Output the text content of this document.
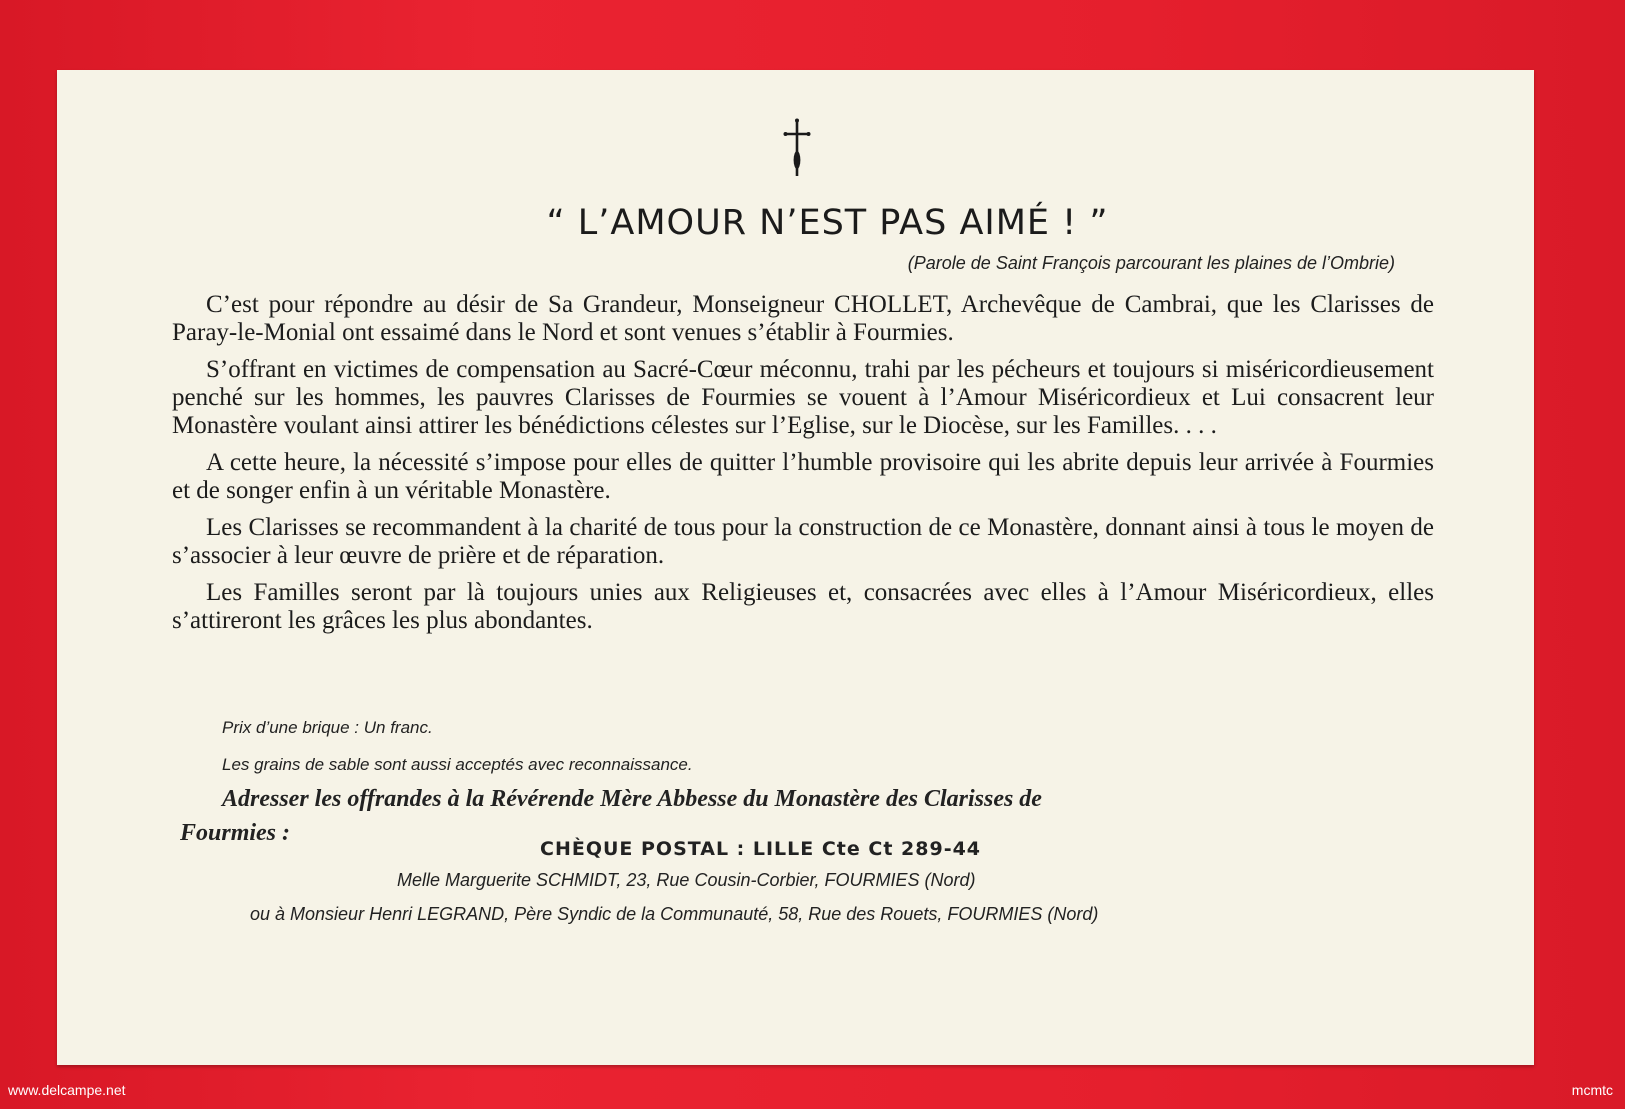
“ L’AMOUR N’EST PAS AIMÉ ! ”
(Parole de Saint François parcourant les plaines de l’Ombrie)

C’est pour répondre au désir de Sa Grandeur, Monseigneur CHOLLET, Archevêque de Cambrai, que les Clarisses de Paray-le-Monial ont essaimé dans le Nord et sont venues s’établir à Fourmies.

S’offrant en victimes de compensation au Sacré-Cœur méconnu, trahi par les pécheurs et toujours si miséricordieusement penché sur les hommes, les pauvres Clarisses de Fourmies se vouent à l’Amour Miséricordieux et Lui consacrent leur Monastère voulant ainsi attirer les bénédictions célestes sur l’Eglise, sur le Diocèse, sur les Familles. . . .

A cette heure, la nécessité s’impose pour elles de quitter l’humble provisoire qui les abrite depuis leur arrivée à Fourmies et de songer enfin à un véritable Monastère.

Les Clarisses se recommandent à la charité de tous pour la construction de ce Monastère, donnant ainsi à tous le moyen de s’associer à leur œuvre de prière et de réparation.

Les Familles seront par là toujours unies aux Religieuses et, consacrées avec elles à l’Amour Miséricordieux, elles s’attireront les grâces les plus abondantes.

Prix d’une brique : Un franc.
Les grains de sable sont aussi acceptés avec reconnaissance.
Adresser les offrandes à la Révérende Mère Abbesse du Monastère des Clarisses de
Fourmies :
CHÈQUE POSTAL : LILLE Cte Ct 289-44
Melle Marguerite SCHMIDT, 23, Rue Cousin-Corbier, FOURMIES (Nord)
ou à Monsieur Henri LEGRAND, Père Syndic de la Communauté, 58, Rue des Rouets, FOURMIES (Nord)
www.delcampe.net	mcmtc
